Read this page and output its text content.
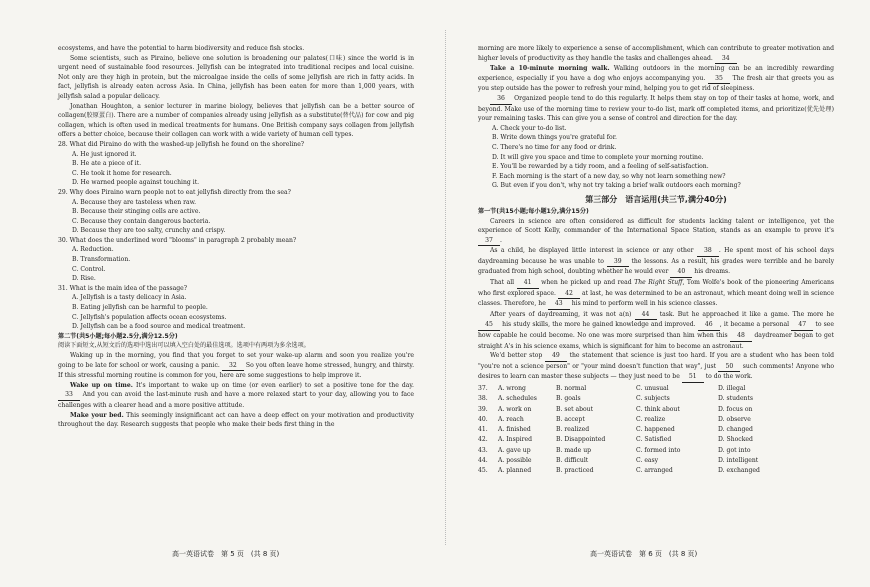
ecosystems, and have the potential to harm biodiversity and reduce fish stocks.

Some scientists, such as Piraino, believe one solution is broadening our palates(口味) since the world is in urgent need of sustainable food resources. Jellyfish can be integrated into traditional recipes and local cuisine. Not only are they high in protein, but the microalgae inside the cells of some jellyfish are rich in fatty acids. In fact, jellyfish is already eaten across Asia. In China, jellyfish has been eaten for more than 1,000 years, with jellyfish salad a popular delicacy.

Jonathan Houghton, a senior lecturer in marine biology, believes that jellyfish can be a better source of collagen(胶原蛋白). There are a number of companies already using jellyfish as a substitute(替代品) for cow and pig collagen, which is often used in medical treatments for humans. One British company says collagen from jellyfish offers a better choice, because their collagen can work with a wide variety of human cell types.

28. What did Piraino do with the washed-up jellyfish he found on the shoreline?

A. He just ignored it.

B. He ate a piece of it.

C. He took it home for research.

D. He warned people against touching it.

29. Why does Piraino warn people not to eat jellyfish directly from the sea?

A. Because they are tasteless when raw.

B. Because their stinging cells are active.

C. Because they contain dangerous bacteria.

D. Because they are too salty, crunchy and crispy.

30. What does the underlined word "blooms" in paragraph 2 probably mean?

A. Reduction.

B. Transformation.

C. Control.

D. Rise.

31. What is the main idea of the passage?

A. Jellyfish is a tasty delicacy in Asia.

B. Eating jellyfish can be harmful to people.

C. Jellyfish's population affects ocean ecosystems.

D. Jellyfish can be a food source and medical treatment.

第二节(共5小题;每小题2.5分,满分12.5分)

阅读下面短文,从短文后的选项中选出可以填入空白处的最佳选项。选项中有两项为多余选项。

Waking up in the morning, you find that you forget to set your wake-up alarm and soon you realize you're going to be late for school or work, causing a panic. 32 So you often leave home stressed, hungry, and thirsty. If this stressful morning routine is common for you, here are some suggestions to help improve it.

Wake up on time. It's important to wake up on time (or even earlier) to set a positive tone for the day. 33 And you can avoid the last-minute rush and have a more relaxed start to your day, allowing you to face challenges with a clearer head and a more positive attitude.

Make your bed. This seemingly insignificant act can have a deep effect on your motivation and productivity throughout the day. Research suggests that people who make their beds first thing in the

高一英语试卷　第 5 页　(共 8 页)

morning are more likely to experience a sense of accomplishment, which can contribute to greater motivation and higher levels of productivity as they handle the tasks and challenges ahead. 34

Take a 10-minute morning walk. Walking outdoors in the morning can be an incredibly rewarding experience, especially if you have a dog who enjoys accompanying you. 35 The fresh air that greets you as you step outside has the power to refresh your mind, helping you to get rid of sleepiness.

36 Organized people tend to do this regularly. It helps them stay on top of their tasks at home, work, and beyond. Make use of the morning time to review your to-do list, mark off completed items, and prioritize(优先处理) your remaining tasks. This can give you a sense of control and direction for the day.

A. Check your to-do list.

B. Write down things you're grateful for.

C. There's no time for any food or drink.

D. It will give you space and time to complete your morning routine.

E. You'll be rewarded by a tidy room, and a feeling of self-satisfaction.

F. Each morning is the start of a new day, so why not learn something new?

G. But even if you don't, why not try taking a brief walk outdoors each morning?

第三部分　语言运用(共三节,满分40分)

第一节(共15小题;每小题1分,满分15分)

Careers in science are often considered as difficult for students lacking talent or intelligence, yet the experience of Scott Kelly, commander of the International Space Station, stands as an example to prove it's 37 .

As a child, he displayed little interest in science or any other 38 . He spent most of his school days daydreaming because he was unable to 39 the lessons. As a result, his grades were terrible and he barely graduated from high school, doubting whether he would ever 40 his dreams.

That all 41 when he picked up and read The Right Stuff, Tom Wolfe's book of the pioneering Americans who first explored space. 42 at last, he was determined to be an astronaut, which meant doing well in science classes. Therefore, he 43 his mind to perform well in his science classes.

After years of daydreaming, it was not a(n) 44 task. But he approached it like a game. The more he 45 his study skills, the more he gained knowledge and improved. 46 , it became a personal 47 to see how capable he could become. No one was more surprised than him when this 48 daydreamer began to get straight A's in his science exams, which is significant for him to become an astronaut.

We'd better stop 49 the statement that science is just too hard. If you are a student who has been told "you're not a science person" or "your mind doesn't function that way", just 50 such comments! Anyone who desires to learn can master these subjects — they just need to be 51 to do the work.

37.	A. wrong	B. normal	C. unusual	D. illegal
38.	A. schedules	B. goals	C. subjects	D. students
39.	A. work on	B. set about	C. think about	D. focus on
40.	A. reach	B. accept	C. realize	D. observe
41.	A. finished	B. realized	C. happened	D. changed
42.	A. Inspired	B. Disappointed	C. Satisfied	D. Shocked
43.	A. gave up	B. made up	C. formed into	D. got into
44.	A. possible	B. difficult	C. easy	D. intelligent
45.	A. planned	B. practiced	C. arranged	D. exchanged
高一英语试卷　第 6 页　(共 8 页)
